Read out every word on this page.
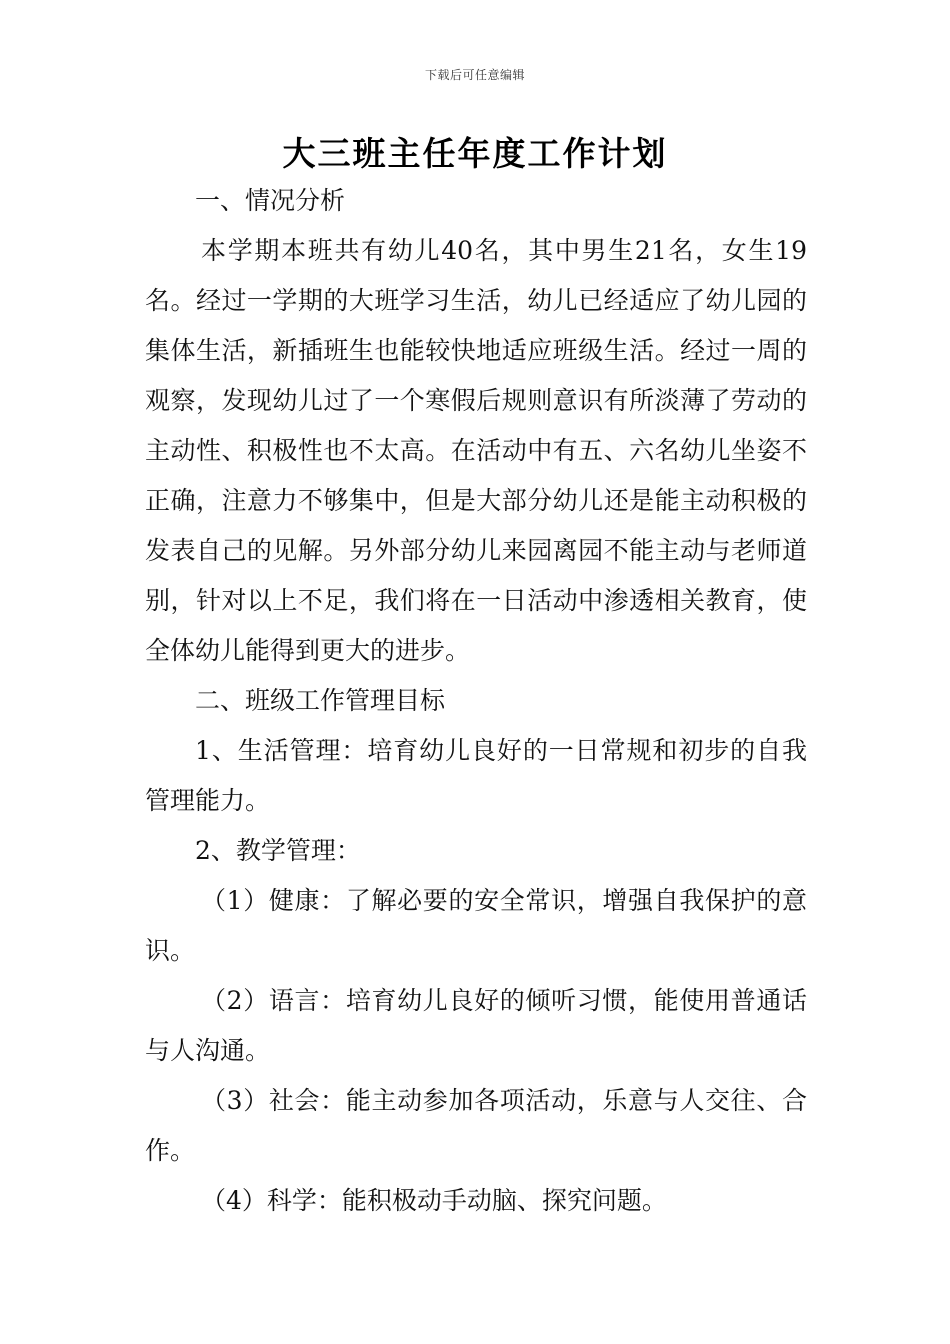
下载后可任意编辑
大三班主任年度工作计划

一、情况分析

本学期本班共有幼儿40名，其中男生21名，女生19名。经过一学期的大班学习生活，幼儿已经适应了幼儿园的集体生活，新插班生也能较快地适应班级生活。经过一周的观察，发现幼儿过了一个寒假后规则意识有所淡薄了劳动的主动性、积极性也不太高。在活动中有五、六名幼儿坐姿不正确，注意力不够集中，但是大部分幼儿还是能主动积极的发表自己的见解。另外部分幼儿来园离园不能主动与老师道别，针对以上不足，我们将在一日活动中渗透相关教育，使全体幼儿能得到更大的进步。

二、班级工作管理目标

1、生活管理：培育幼儿良好的一日常规和初步的自我管理能力。

2、教学管理：

（1）健康：了解必要的安全常识，增强自我保护的意识。

（2）语言：培育幼儿良好的倾听习惯，能使用普通话与人沟通。

（3）社会：能主动参加各项活动，乐意与人交往、合作。

（4）科学：能积极动手动脑、探究问题。
